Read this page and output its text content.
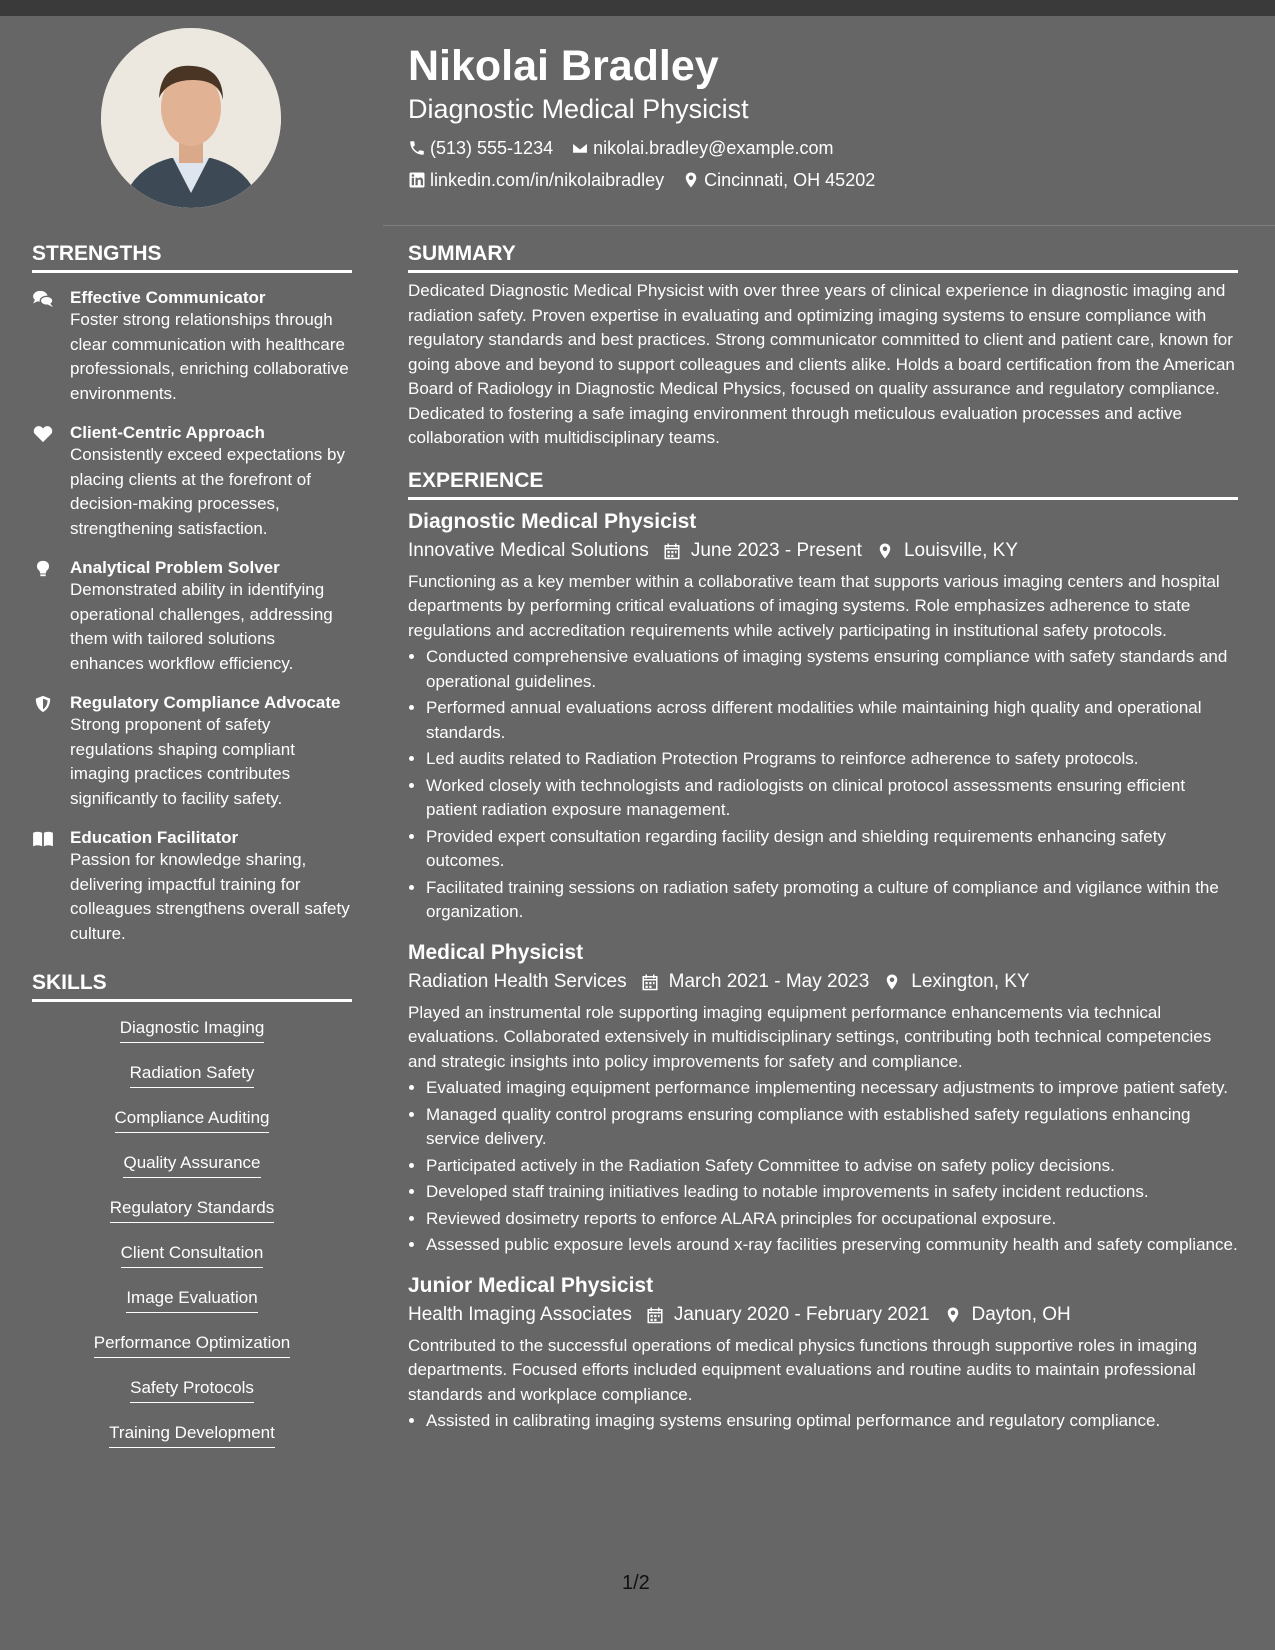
Nikolai Bradley
Diagnostic Medical Physicist
(513) 555-1234 nikolai.bradley@example.com
linkedin.com/in/nikolaibradley Cincinnati, OH 45202
STRENGTHS
Effective Communicator
Foster strong relationships through clear communication with healthcare professionals, enriching collaborative environments.
Client-Centric Approach
Consistently exceed expectations by placing clients at the forefront of decision-making processes, strengthening satisfaction.
Analytical Problem Solver
Demonstrated ability in identifying operational challenges, addressing them with tailored solutions enhances workflow efficiency.
Regulatory Compliance Advocate
Strong proponent of safety regulations shaping compliant imaging practices contributes significantly to facility safety.
Education Facilitator
Passion for knowledge sharing, delivering impactful training for colleagues strengthens overall safety culture.
SKILLS
Diagnostic Imaging
Radiation Safety
Compliance Auditing
Quality Assurance
Regulatory Standards
Client Consultation
Image Evaluation
Performance Optimization
Safety Protocols
Training Development
SUMMARY

Dedicated Diagnostic Medical Physicist with over three years of clinical experience in diagnostic imaging and radiation safety. Proven expertise in evaluating and optimizing imaging systems to ensure compliance with regulatory standards and best practices. Strong communicator committed to client and patient care, known for going above and beyond to support colleagues and clients alike. Holds a board certification from the American Board of Radiology in Diagnostic Medical Physics, focused on quality assurance and regulatory compliance. Dedicated to fostering a safe imaging environment through meticulous evaluation processes and active collaboration with multidisciplinary teams.

EXPERIENCE
Diagnostic Medical Physicist
Innovative Medical Solutions June 2023 - Present Louisville, KY

Functioning as a key member within a collaborative team that supports various imaging centers and hospital departments by performing critical evaluations of imaging systems. Role emphasizes adherence to state regulations and accreditation requirements while actively participating in institutional safety protocols.

• Conducted comprehensive evaluations of imaging systems ensuring compliance with safety standards and operational guidelines.
• Performed annual evaluations across different modalities while maintaining high quality and operational standards.
• Led audits related to Radiation Protection Programs to reinforce adherence to safety protocols.
• Worked closely with technologists and radiologists on clinical protocol assessments ensuring efficient patient radiation exposure management.
• Provided expert consultation regarding facility design and shielding requirements enhancing safety outcomes.
• Facilitated training sessions on radiation safety promoting a culture of compliance and vigilance within the organization.
Medical Physicist
Radiation Health Services March 2021 - May 2023 Lexington, KY

Played an instrumental role supporting imaging equipment performance enhancements via technical evaluations. Collaborated extensively in multidisciplinary settings, contributing both technical competencies and strategic insights into policy improvements for safety and compliance.

• Evaluated imaging equipment performance implementing necessary adjustments to improve patient safety.
• Managed quality control programs ensuring compliance with established safety regulations enhancing service delivery.
• Participated actively in the Radiation Safety Committee to advise on safety policy decisions.
• Developed staff training initiatives leading to notable improvements in safety incident reductions.
• Reviewed dosimetry reports to enforce ALARA principles for occupational exposure.
• Assessed public exposure levels around x-ray facilities preserving community health and safety compliance.
Junior Medical Physicist
Health Imaging Associates January 2020 - February 2021 Dayton, OH

Contributed to the successful operations of medical physics functions through supportive roles in imaging departments. Focused efforts included equipment evaluations and routine audits to maintain professional standards and workplace compliance.

• Assisted in calibrating imaging systems ensuring optimal performance and regulatory compliance.
1/2
